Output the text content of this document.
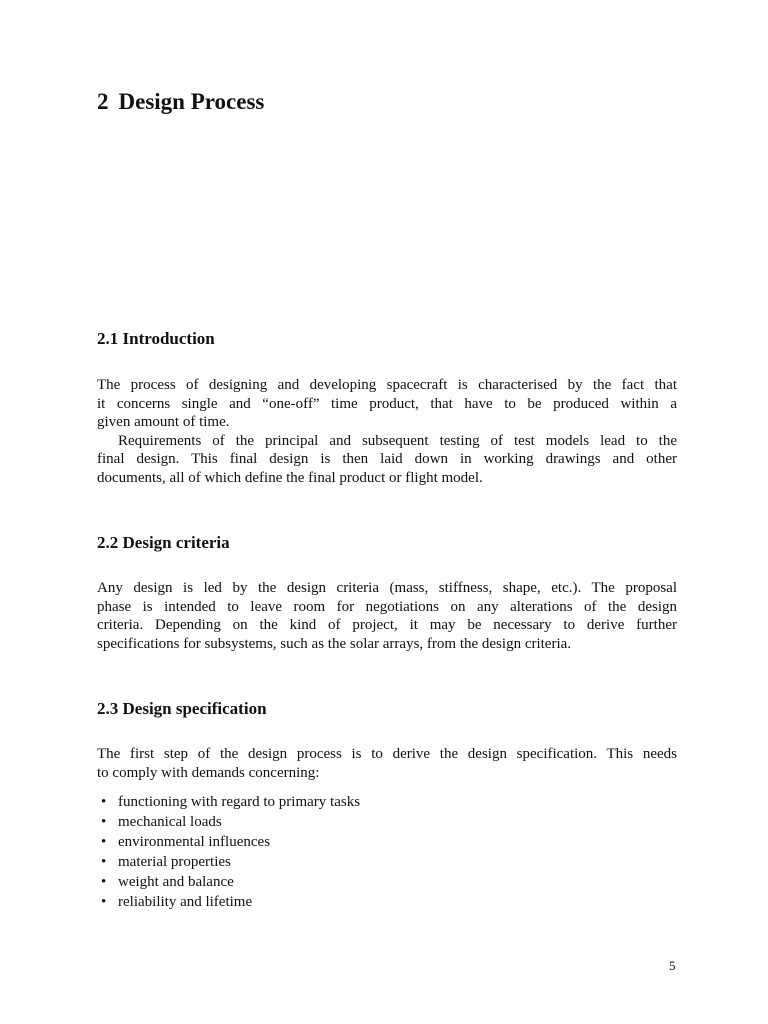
2 Design Process
2.1 Introduction

The process of designing and developing spacecraft is characterised by the fact that
it concerns single and “one-off” time product, that have to be produced within a
given amount of time.

Requirements of the principal and subsequent testing of test models lead to the
final design. This final design is then laid down in working drawings and other
documents, all of which define the final product or flight model.

2.2 Design criteria

Any design is led by the design criteria (mass, stiffness, shape, etc.). The proposal
phase is intended to leave room for negotiations on any alterations of the design
criteria. Depending on the kind of project, it may be necessary to derive further
specifications for subsystems, such as the solar arrays, from the design criteria.

2.3 Design specification

The first step of the design process is to derive the design specification. This needs
to comply with demands concerning:

• functioning with regard to primary tasks
• mechanical loads
• environmental influences
• material properties
• weight and balance
• reliability and lifetime
5
